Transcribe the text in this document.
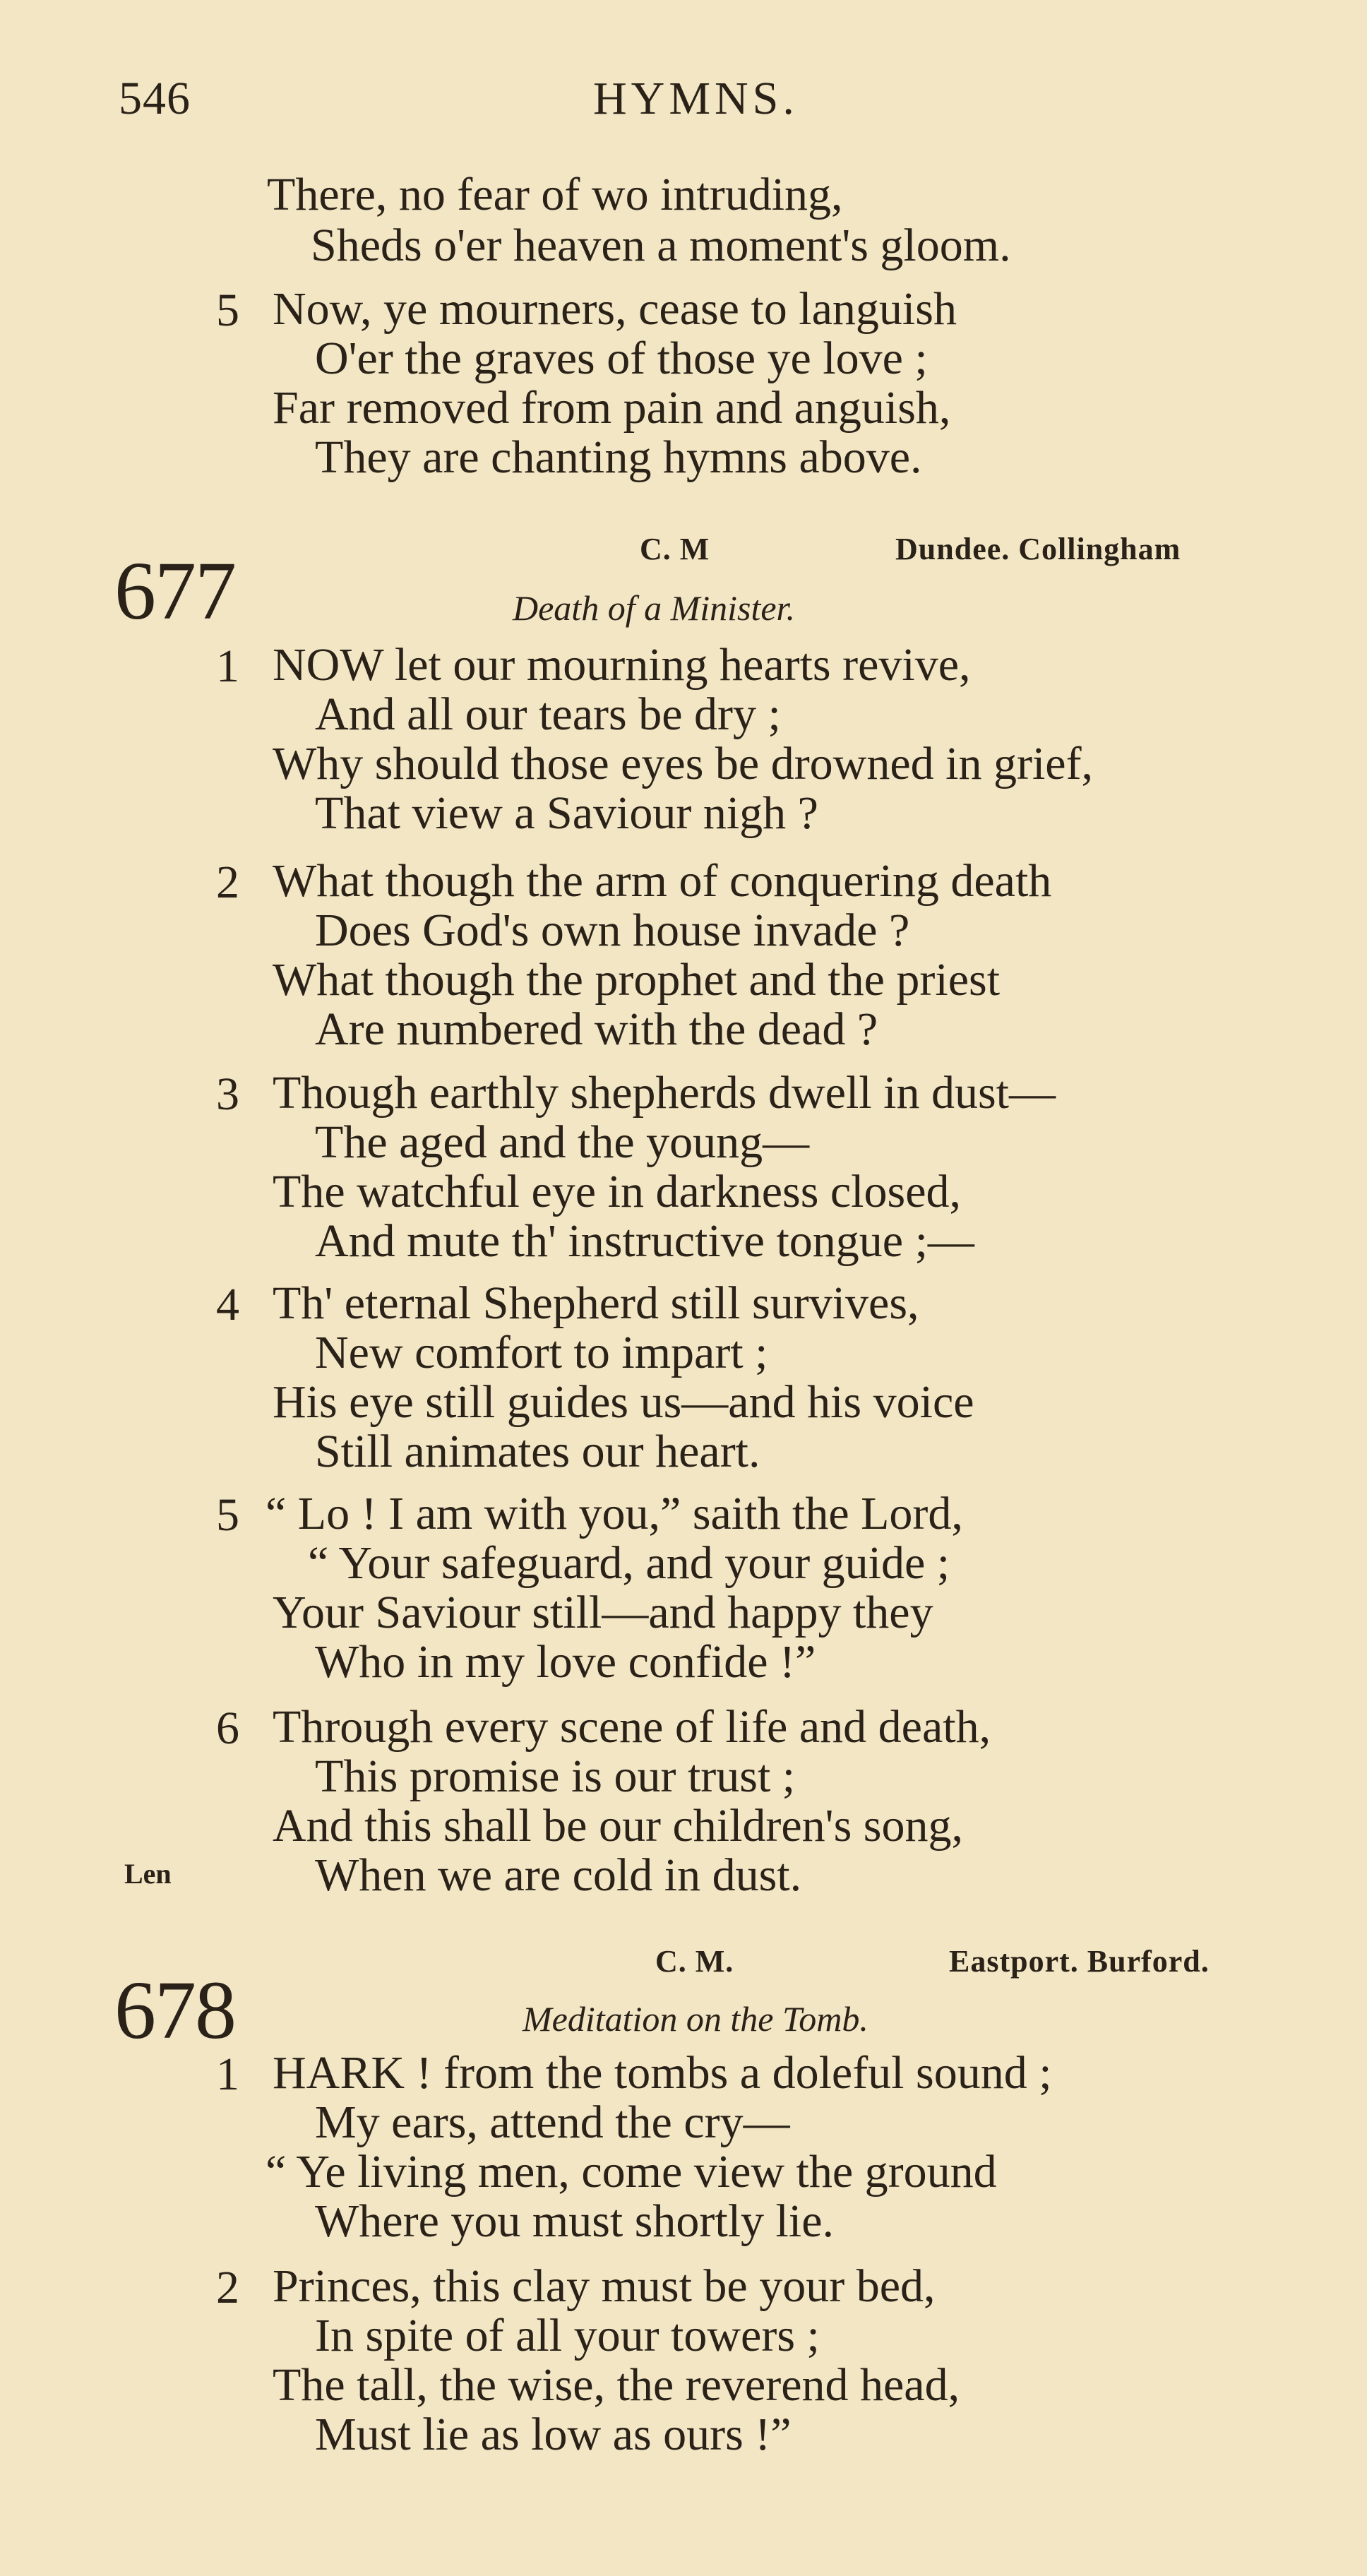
546	HYMNS.
There, no fear of wo intruding,
Sheds o'er heaven a moment's gloom.
5 Now, ye mourners, cease to languish
O'er the graves of those ye love ;
Far removed from pain and anguish,
They are chanting hymns above.
677	C. M	Dundee. Collingham
Death of a Minister.
1 NOW let our mourning hearts revive,
And all our tears be dry ;
Why should those eyes be drowned in grief,
That view a Saviour nigh ?
2 What though the arm of conquering death
Does God's own house invade ?
What though the prophet and the priest
Are numbered with the dead ?
3 Though earthly shepherds dwell in dust—
The aged and the young—
The watchful eye in darkness closed,
And mute th' instructive tongue ;—
4 Th' eternal Shepherd still survives,
New comfort to impart ;
His eye still guides us—and his voice
Still animates our heart.
5 “ Lo ! I am with you,” saith the Lord,
“ Your safeguard, and your guide ;
Your Saviour still—and happy they
Who in my love confide !”
6 Through every scene of life and death,
This promise is our trust ;
And this shall be our children's song,
When we are cold in dust.
Len
678
C. M.	Eastport. Burford.
Meditation on the Tomb.
1 HARK ! from the tombs a doleful sound ;
My ears, attend the cry—
“ Ye living men, come view the ground
Where you must shortly lie.
2 Princes, this clay must be your bed,
In spite of all your towers ;
The tall, the wise, the reverend head,
Must lie as low as ours !”
